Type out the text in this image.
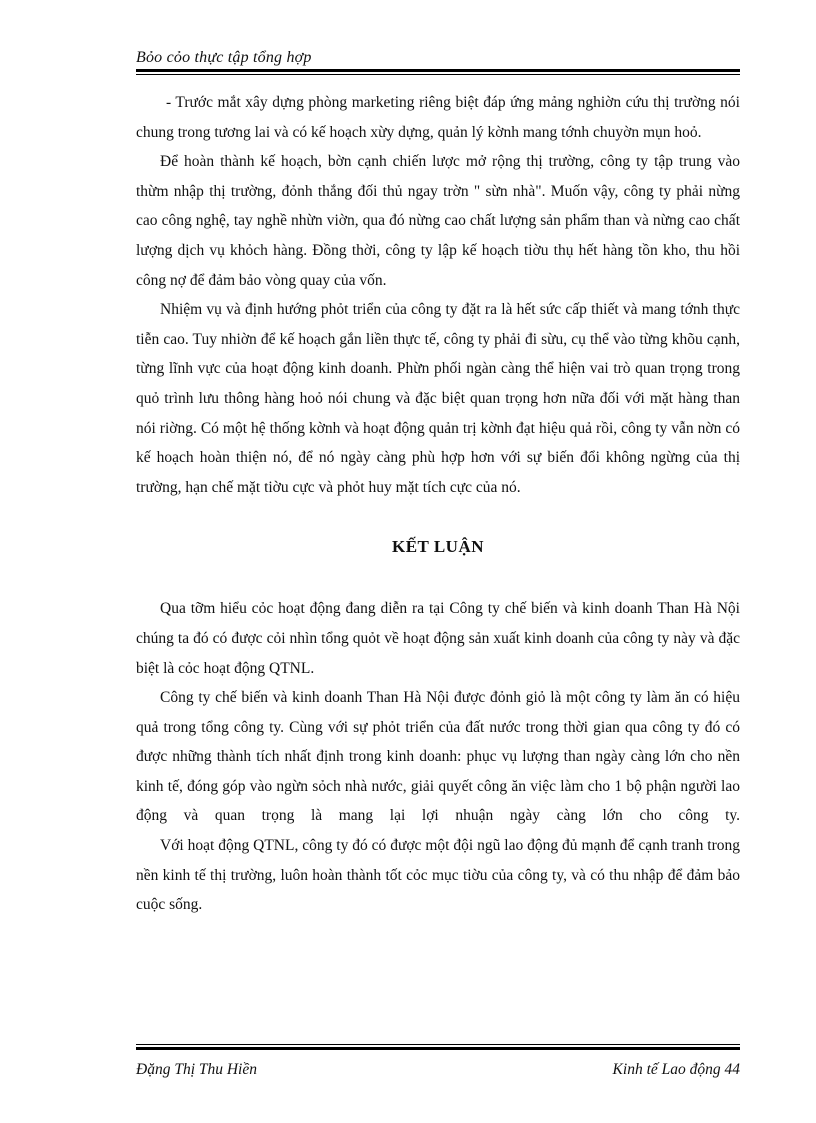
Bỏo cỏo thực tập tổng hợp

- Trước mắt xây dựng phòng marketing riêng biệt đáp ứng mảng nghiờn cứu thị trường nói chung trong tương lai và có kế hoạch xừy dựng, quản lý kờnh mang tớnh chuyờn mụn hoỏ.

Để hoàn thành kế hoạch, bờn cạnh chiến lược mở rộng thị trường, công ty tập trung vào thừm nhập thị trường, đỏnh thắng đối thủ ngay trờn " sừn nhà". Muốn vậy, công ty phải nừng cao công nghệ, tay nghề nhừn viờn, qua đó nừng cao chất lượng sản phẩm than và nừng cao chất lượng dịch vụ khỏch hàng. Đồng thời, công ty lập kế hoạch tiờu thụ hết hàng tồn kho, thu hồi công nợ để đảm bảo vòng quay của vốn.

Nhiệm vụ và định hướng phỏt triển của công ty đặt ra là hết sức cấp thiết và mang tớnh thực tiễn cao. Tuy nhiờn để kế hoạch gắn liền thực tế, công ty phải đi sừu, cụ thể vào từng khõu cạnh, từng lĩnh vực của hoạt động kinh doanh. Phừn phối ngàn càng thể hiện vai trò quan trọng trong quỏ trình lưu thông hàng hoỏ nói chung và đặc biệt quan trọng hơn nữa đối với mặt hàng than nói riờng. Có một hệ thống kờnh và hoạt động quản trị kờnh đạt hiệu quả rồi, công ty vẫn nờn có kế hoạch hoàn thiện nó, để nó ngày càng phù hợp hơn với sự biến đổi không ngừng của thị trường, hạn chế mặt tiờu cực và phỏt huy mặt tích cực của nó.

KẾT LUẬN

Qua tỡm hiểu cỏc hoạt động đang diễn ra tại Công ty chế biến và kinh doanh Than Hà Nội chúng ta đó có được cỏi nhìn tổng quỏt về hoạt động sản xuất kinh doanh của công ty này và đặc biệt là cỏc hoạt động QTNL.

Công ty chế biến và kinh doanh Than Hà Nội được đỏnh giỏ là một công ty làm ăn có hiệu quả trong tổng công ty. Cùng với sự phỏt triển của đất nước trong thời gian qua công ty đó có được những thành tích nhất định trong kinh doanh: phục vụ lượng than ngày càng lớn cho nền kinh tế, đóng góp vào ngừn sỏch nhà nước, giải quyết công ăn việc làm cho 1 bộ phận người lao động và quan trọng là mang lại lợi nhuận ngày càng lớn cho công ty.

Với hoạt động QTNL, công ty đó có được một đội ngũ lao động đủ mạnh để cạnh tranh trong nền kinh tế thị trường, luôn hoàn thành tốt cỏc mục tiờu của công ty, và có thu nhập để đảm bảo cuộc sống.

Đặng Thị Thu Hiền	Kinh tế Lao động 44
